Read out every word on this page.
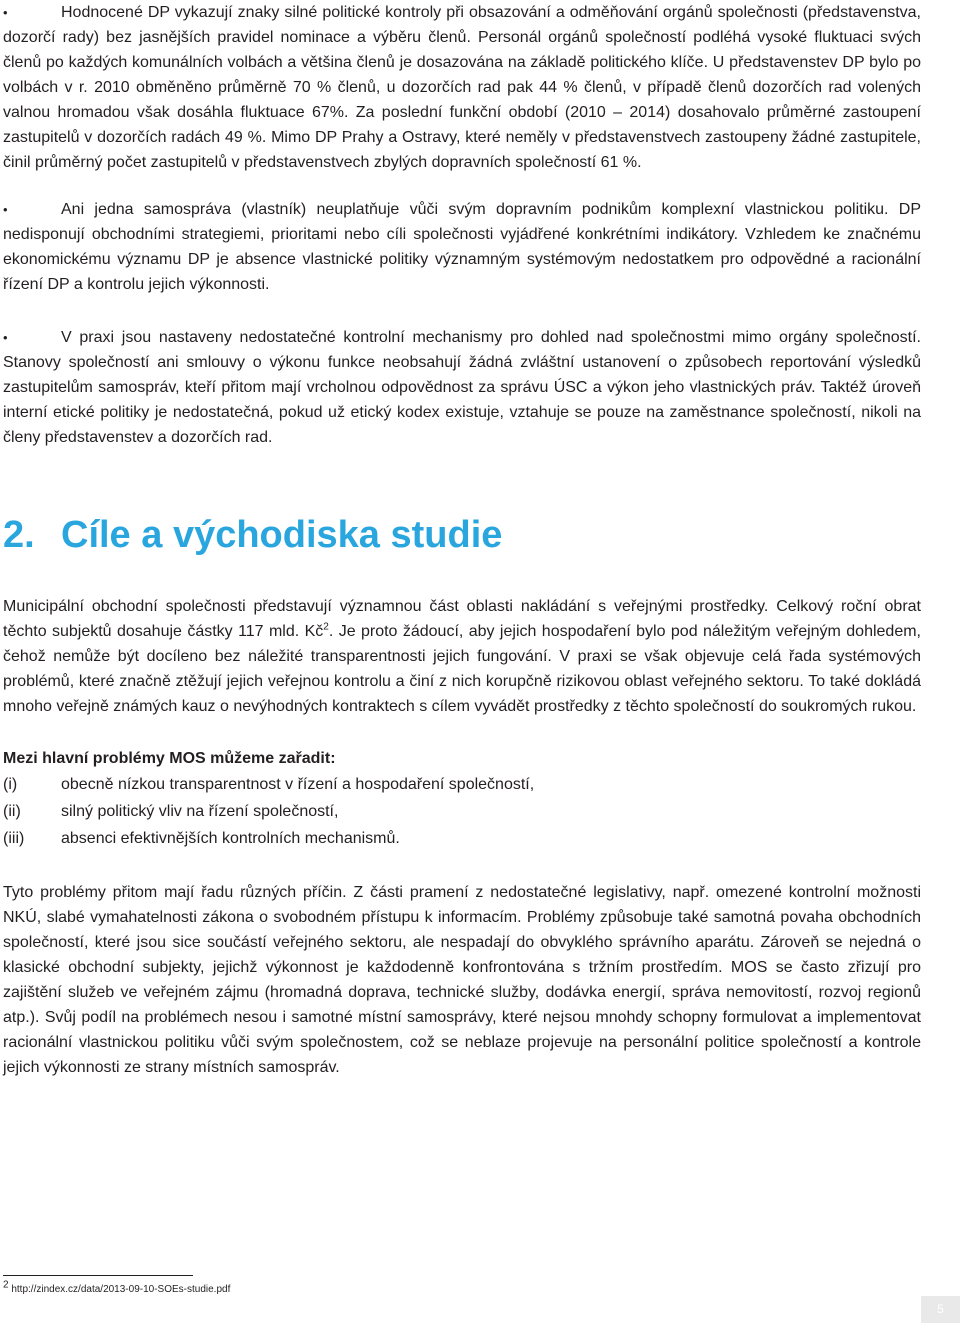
Hodnocené DP vykazují znaky silné politické kontroly při obsazování a odměňování orgánů společnosti (představenstva, dozorčí rady) bez jasnějších pravidel nominace a výběru členů. Personál orgánů společností podléhá vysoké fluktuaci svých členů po každých komunálních volbách a většina členů je dosazována na základě politického klíče. U představenstev DP bylo po volbách v r. 2010 obměněno průměrně 70 % členů, u dozorčích rad pak 44 % členů, v případě členů dozorčích rad volených valnou hromadou však dosáhla fluktuace 67%. Za poslední funkční období (2010 – 2014) dosahovalo průměrné zastoupení zastupitelů v dozorčích radách 49 %. Mimo DP Prahy a Ostravy, které neměly v představenstvech zastoupeny žádné zastupitele, činil průměrný počet zastupitelů v představenstvech zbylých dopravních společností 61 %.

•

Ani jedna samospráva (vlastník) neuplatňuje vůči svým dopravním podnikům komplexní vlastnickou politiku. DP nedisponují obchodními strategiemi, prioritami nebo cíli společnosti vyjádřené konkrétními indikátory. Vzhledem ke značnému ekonomickému významu DP je absence vlastnické politiky významným systémovým nedostatkem pro odpovědné a racionální řízení DP a kontrolu jejich výkonnosti.

•

V praxi jsou nastaveny nedostatečné kontrolní mechanismy pro dohled nad společnostmi mimo orgány společností. Stanovy společností ani smlouvy o výkonu funkce neobsahují žádná zvláštní ustanovení o způsobech reportování výsledků zastupitelům samospráv, kteří přitom mají vrcholnou odpovědnost za správu ÚSC a výkon jeho vlastnických práv. Taktéž úroveň interní etické politiky je nedostatečná, pokud už etický kodex existuje, vztahuje se pouze na zaměstnance společností, nikoli na členy představenstev a dozorčích rad.

•
2. Cíle a východiska studie

Municipální obchodní společnosti představují významnou část oblasti nakládání s veřejnými prostředky. Celkový roční obrat těchto subjektů dosahuje částky 117 mld. $Kč^2$. Je proto žádoucí, aby jejich hospodaření bylo pod náležitým veřejným dohledem, čehož nemůže být docíleno bez náležité transparentnosti jejich fungování. V praxi se však objevuje celá řada systémových problémů, které značně ztěžují jejich veřejnou kontrolu a činí z nich korupčně rizikovou oblast veřejného sektoru. To také dokládá mnoho veřejně známých kauz o nevýhodných kontraktech s cílem vyvádět prostředky z těchto společností do soukromých rukou.

Mezi hlavní problémy MOS můžeme zařadit:

(i)	obecně nízkou transparentnost v řízení a hospodaření společností,
(ii)	silný politický vliv na řízení společností,
(iii)	absenci efektivnějších kontrolních mechanismů.

Tyto problémy přitom mají řadu různých příčin. Z části pramení z nedostatečné legislativy, např. omezené kontrolní možnosti NKÚ, slabé vymahatelnosti zákona o svobodném přístupu k informacím. Problémy způsobuje také samotná povaha obchodních společností, které jsou sice součástí veřejného sektoru, ale nespadají do obvyklého správního aparátu. Zároveň se nejedná o klasické obchodní subjekty, jejichž výkonnost je každodenně konfrontována s tržním prostředím. MOS se často zřizují pro zajištění služeb ve veřejném zájmu (hromadná doprava, technické služby, dodávka energií, správa nemovitostí, rozvoj regionů atp.). Svůj podíl na problémech nesou i samotné místní samosprávy, které nejsou mnohdy schopny formulovat a implementovat racionální vlastnickou politiku vůči svým společnostem, což se neblaze projevuje na personální politice společností a kontrole jejich výkonnosti ze strany místních samospráv.

2 http://zindex.cz/data/2013-09-10-SOEs-studie.pdf
5
